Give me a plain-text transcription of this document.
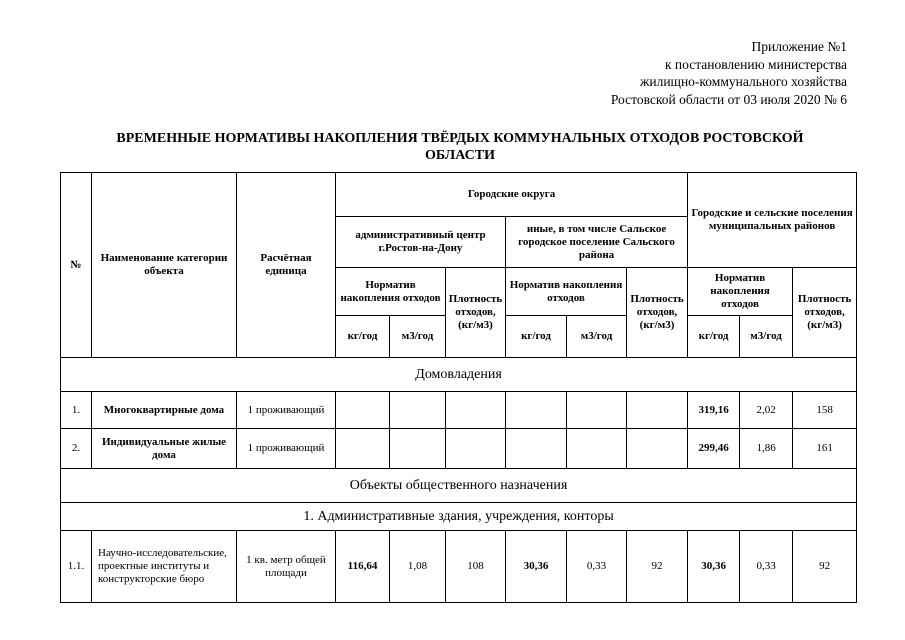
Приложение №1
к постановлению министерства
жилищно-коммунального хозяйства
Ростовской области от 03 июля 2020 № 6
ВРЕМЕННЫЕ НОРМАТИВЫ НАКОПЛЕНИЯ ТВЁРДЫХ КОММУНАЛЬНЫХ ОТХОДОВ РОСТОВСКОЙ
ОБЛАСТИ
№	Наименование категории объекта	Расчётная единица	Городские округа						Городские и сельские поселения муниципальных районов		
			административный центр г.Ростов-на-Дону			иные, в том числе Сальское городское поселение Сальского района					
			Норматив накопления отходов		Плотность отходов, (кг/м3)	Норматив накопления отходов		Плотность отходов, (кг/м3)	Норматив накопления отходов		Плотность отходов, (кг/м3)
			кг/год	м3/год		кг/год	м3/год		кг/год	м3/год	
Домовладения											
1.	Многоквартирные дома	1 проживающий							319,16	2,02	158
2.	Индивидуальные жилые дома	1 проживающий							299,46	1,86	161
Объекты общественного назначения											
1. Административные здания, учреждения, конторы											
1.1.	Научно-исследовательские, проектные институты и конструкторские бюро	1 кв. метр общей площади	116,64	1,08	108	30,36	0,33	92	30,36	0,33	92
